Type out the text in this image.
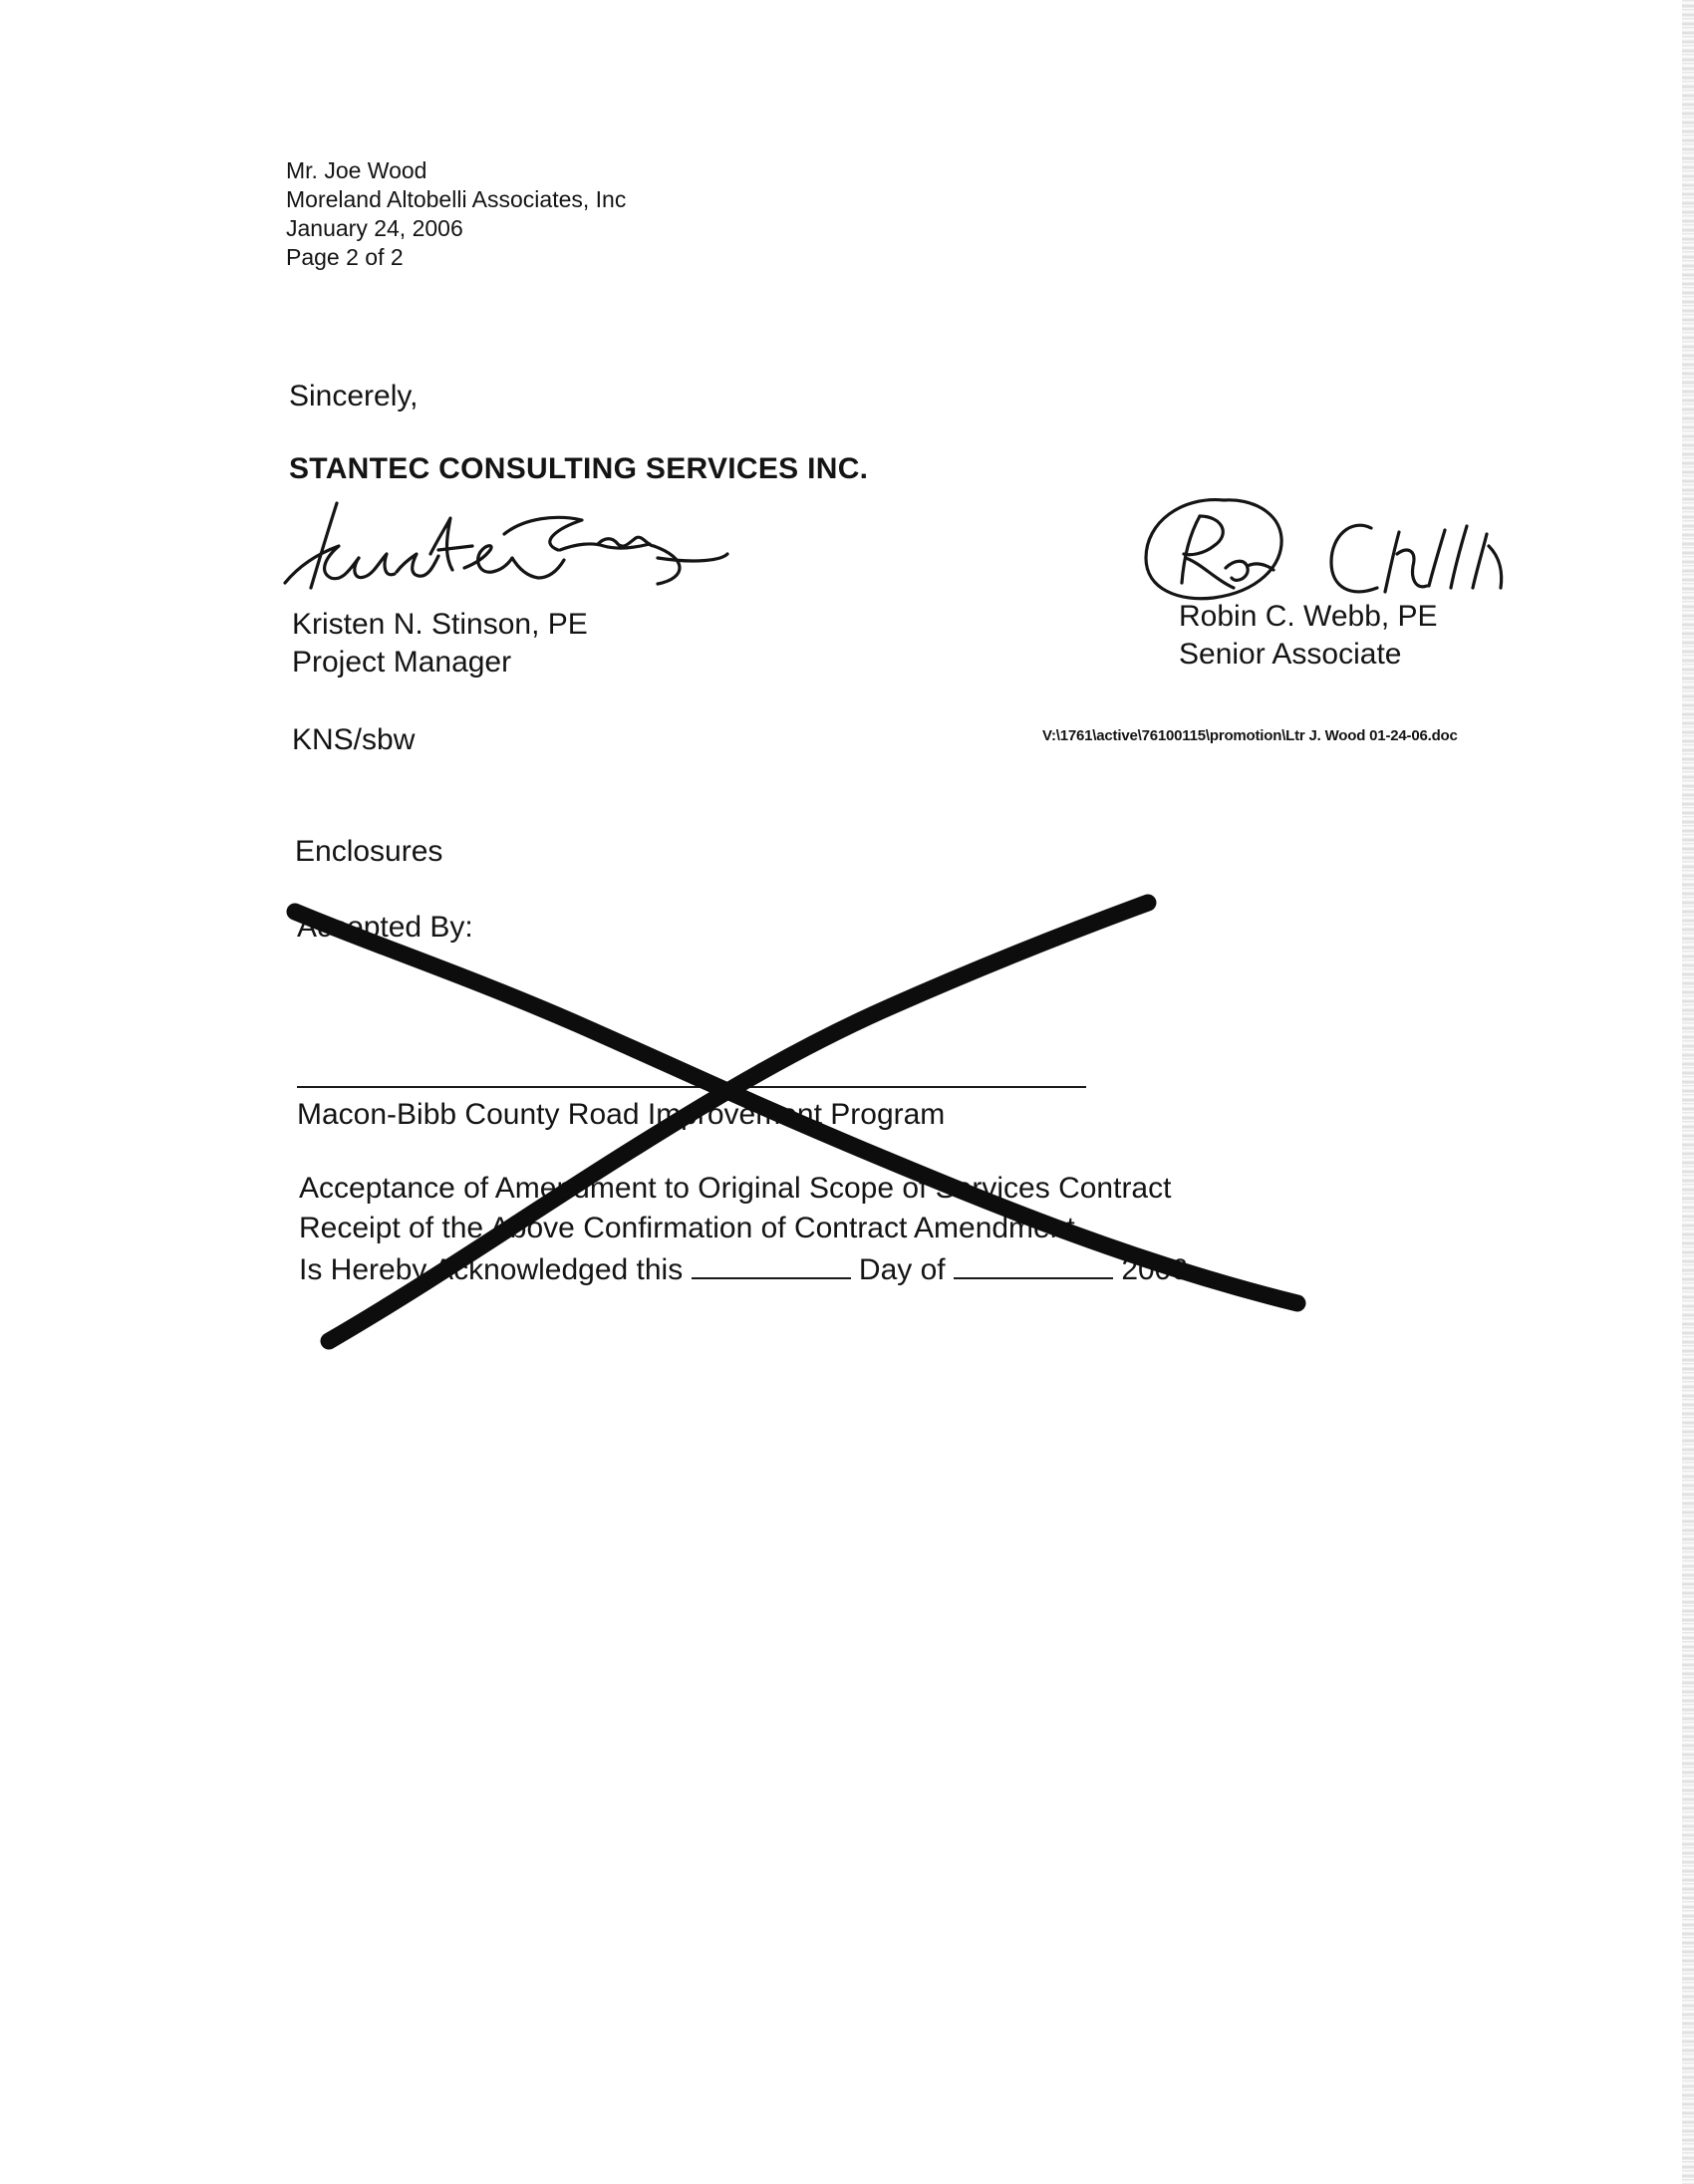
Mr. Joe Wood
Moreland Altobelli Associates, Inc
January 24, 2006
Page 2 of 2
Sincerely,
STANTEC CONSULTING SERVICES INC.
Kristen N. Stinson, PE
Project Manager
Robin C. Webb, PE
Senior Associate
KNS/sbw	V:\1761\active\76100115\promotion\Ltr J. Wood 01-24-06.doc
Enclosures
Accepted By:
Macon-Bibb County Road Improvement Program
Acceptance of Amendment to Original Scope of Services Contract
Receipt of the Above Confirmation of Contract Amendment
Is Hereby Acknowledged this	Day of	2006
